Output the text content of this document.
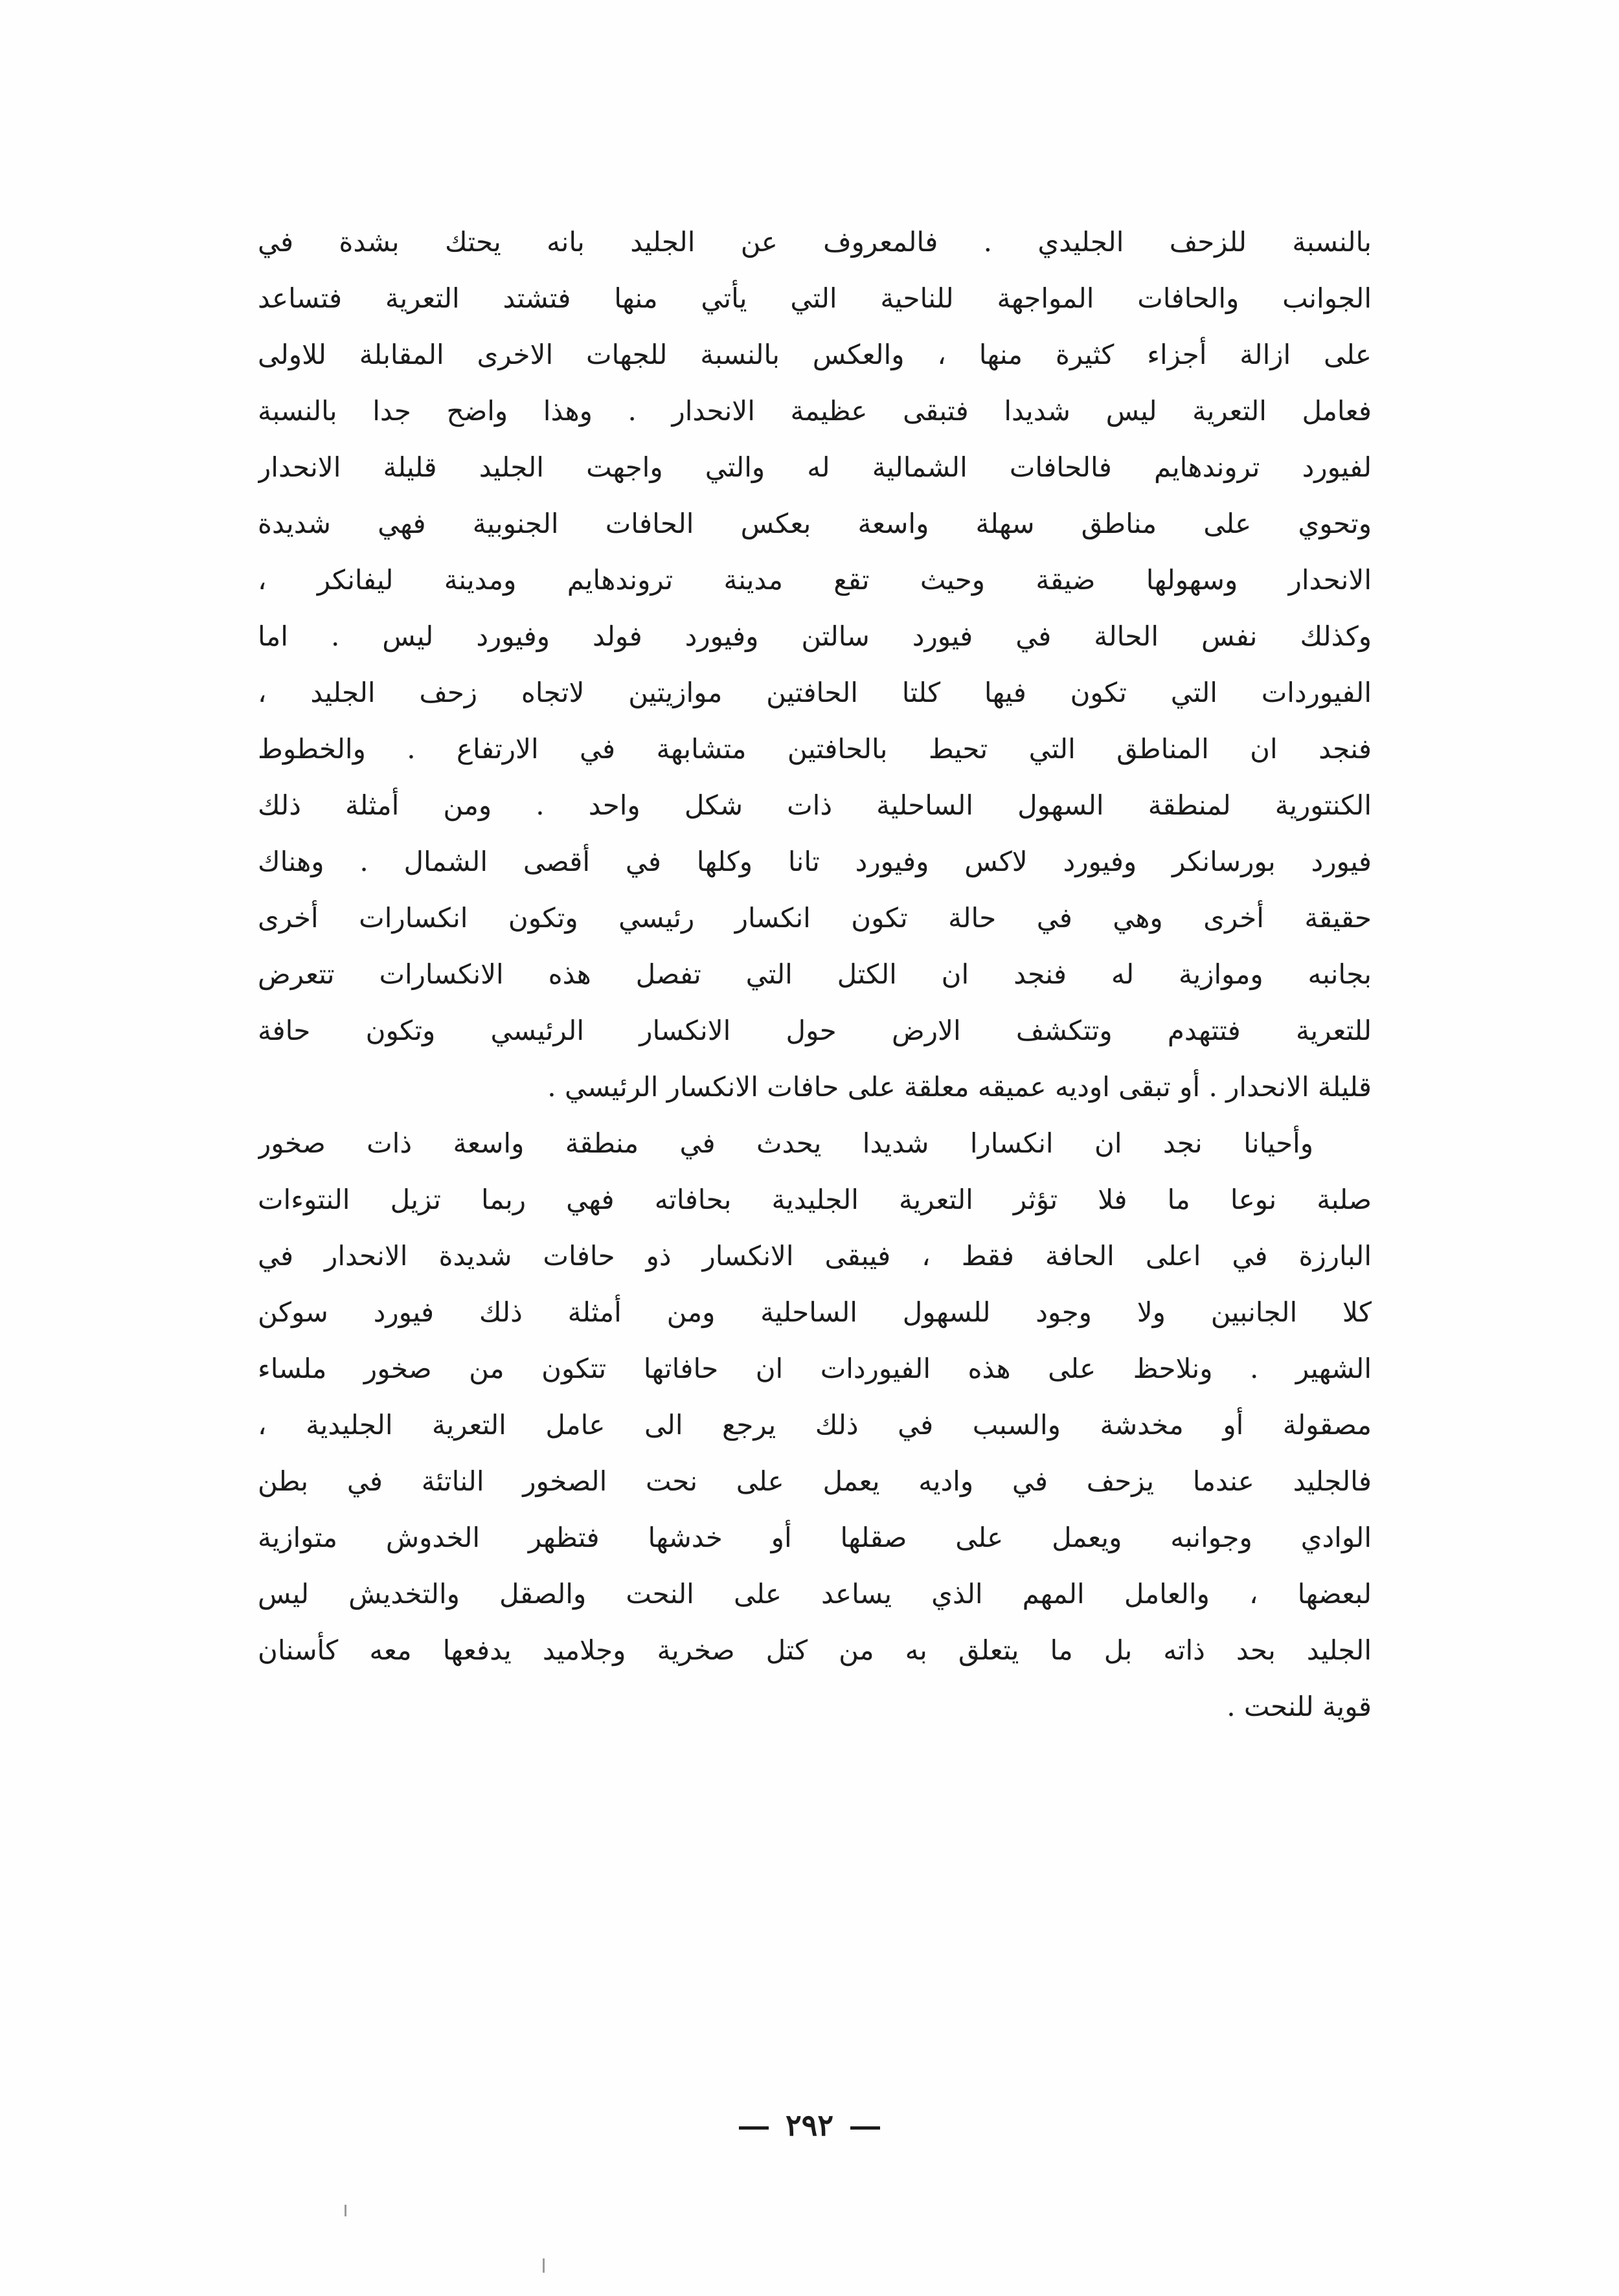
بالنسبة للزحف الجليدي . فالمعروف عن الجليد بانه يحتك بشدة في
الجوانب والحافات المواجهة للناحية التي يأتي منها فتشتد التعرية فتساعد
على ازالة أجزاء كثيرة منها ، والعكس بالنسبة للجهات الاخرى المقابلة للاولى
فعامل التعرية ليس شديدا فتبقى عظيمة الانحدار . وهذا واضح جدا بالنسبة
لفيورد تروندهايم فالحافات الشمالية له والتي واجهت الجليد قليلة الانحدار
وتحوي على مناطق سهلة واسعة بعكس الحافات الجنوبية فهي شديدة
الانحدار وسهولها ضيقة وحيث تقع مدينة تروندهايم ومدينة ليفانكر ،
وكذلك نفس الحالة في فيورد سالتن وفيورد فولد وفيورد ليس . اما
الفيوردات التي تكون فيها كلتا الحافتين موازيتين لاتجاه زحف الجليد ،
فنجد ان المناطق التي تحيط بالحافتين متشابهة في الارتفاع . والخطوط
الكنتورية لمنطقة السهول الساحلية ذات شكل واحد . ومن أمثلة ذلك
فيورد بورسانكر وفيورد لاكس وفيورد تانا وكلها في أقصى الشمال . وهناك
حقيقة أخرى وهي في حالة تكون انكسار رئيسي وتكون انكسارات أخرى
بجانبه وموازية له فنجد ان الكتل التي تفصل هذه الانكسارات تتعرض
للتعرية فتتهدم وتتكشف الارض حول الانكسار الرئيسي وتكون حافة
قليلة الانحدار . أو تبقى اوديه عميقه معلقة على حافات الانكسار الرئيسي .
وأحيانا نجد ان انكسارا شديدا يحدث في منطقة واسعة ذات صخور
صلبة نوعا ما فلا تؤثر التعرية الجليدية بحافاته فهي ربما تزيل النتوءات
البارزة في اعلى الحافة فقط ، فيبقى الانكسار ذو حافات شديدة الانحدار في
كلا الجانبين ولا وجود للسهول الساحلية ومن أمثلة ذلك فيورد سوكن
الشهير . ونلاحظ على هذه الفيوردات ان حافاتها تتكون من صخور ملساء
مصقولة أو مخدشة والسبب في ذلك يرجع الى عامل التعرية الجليدية ،
فالجليد عندما يزحف في واديه يعمل على نحت الصخور الناتئة في بطن
الوادي وجوانبه ويعمل على صقلها أو خدشها فتظهر الخدوش متوازية
لبعضها ، والعامل المهم الذي يساعد على النحت والصقل والتخديش ليس
الجليد بحد ذاته بل ما يتعلق به من كتل صخرية وجلاميد يدفعها معه كأسنان
قوية للنحت .
٢٩٢
